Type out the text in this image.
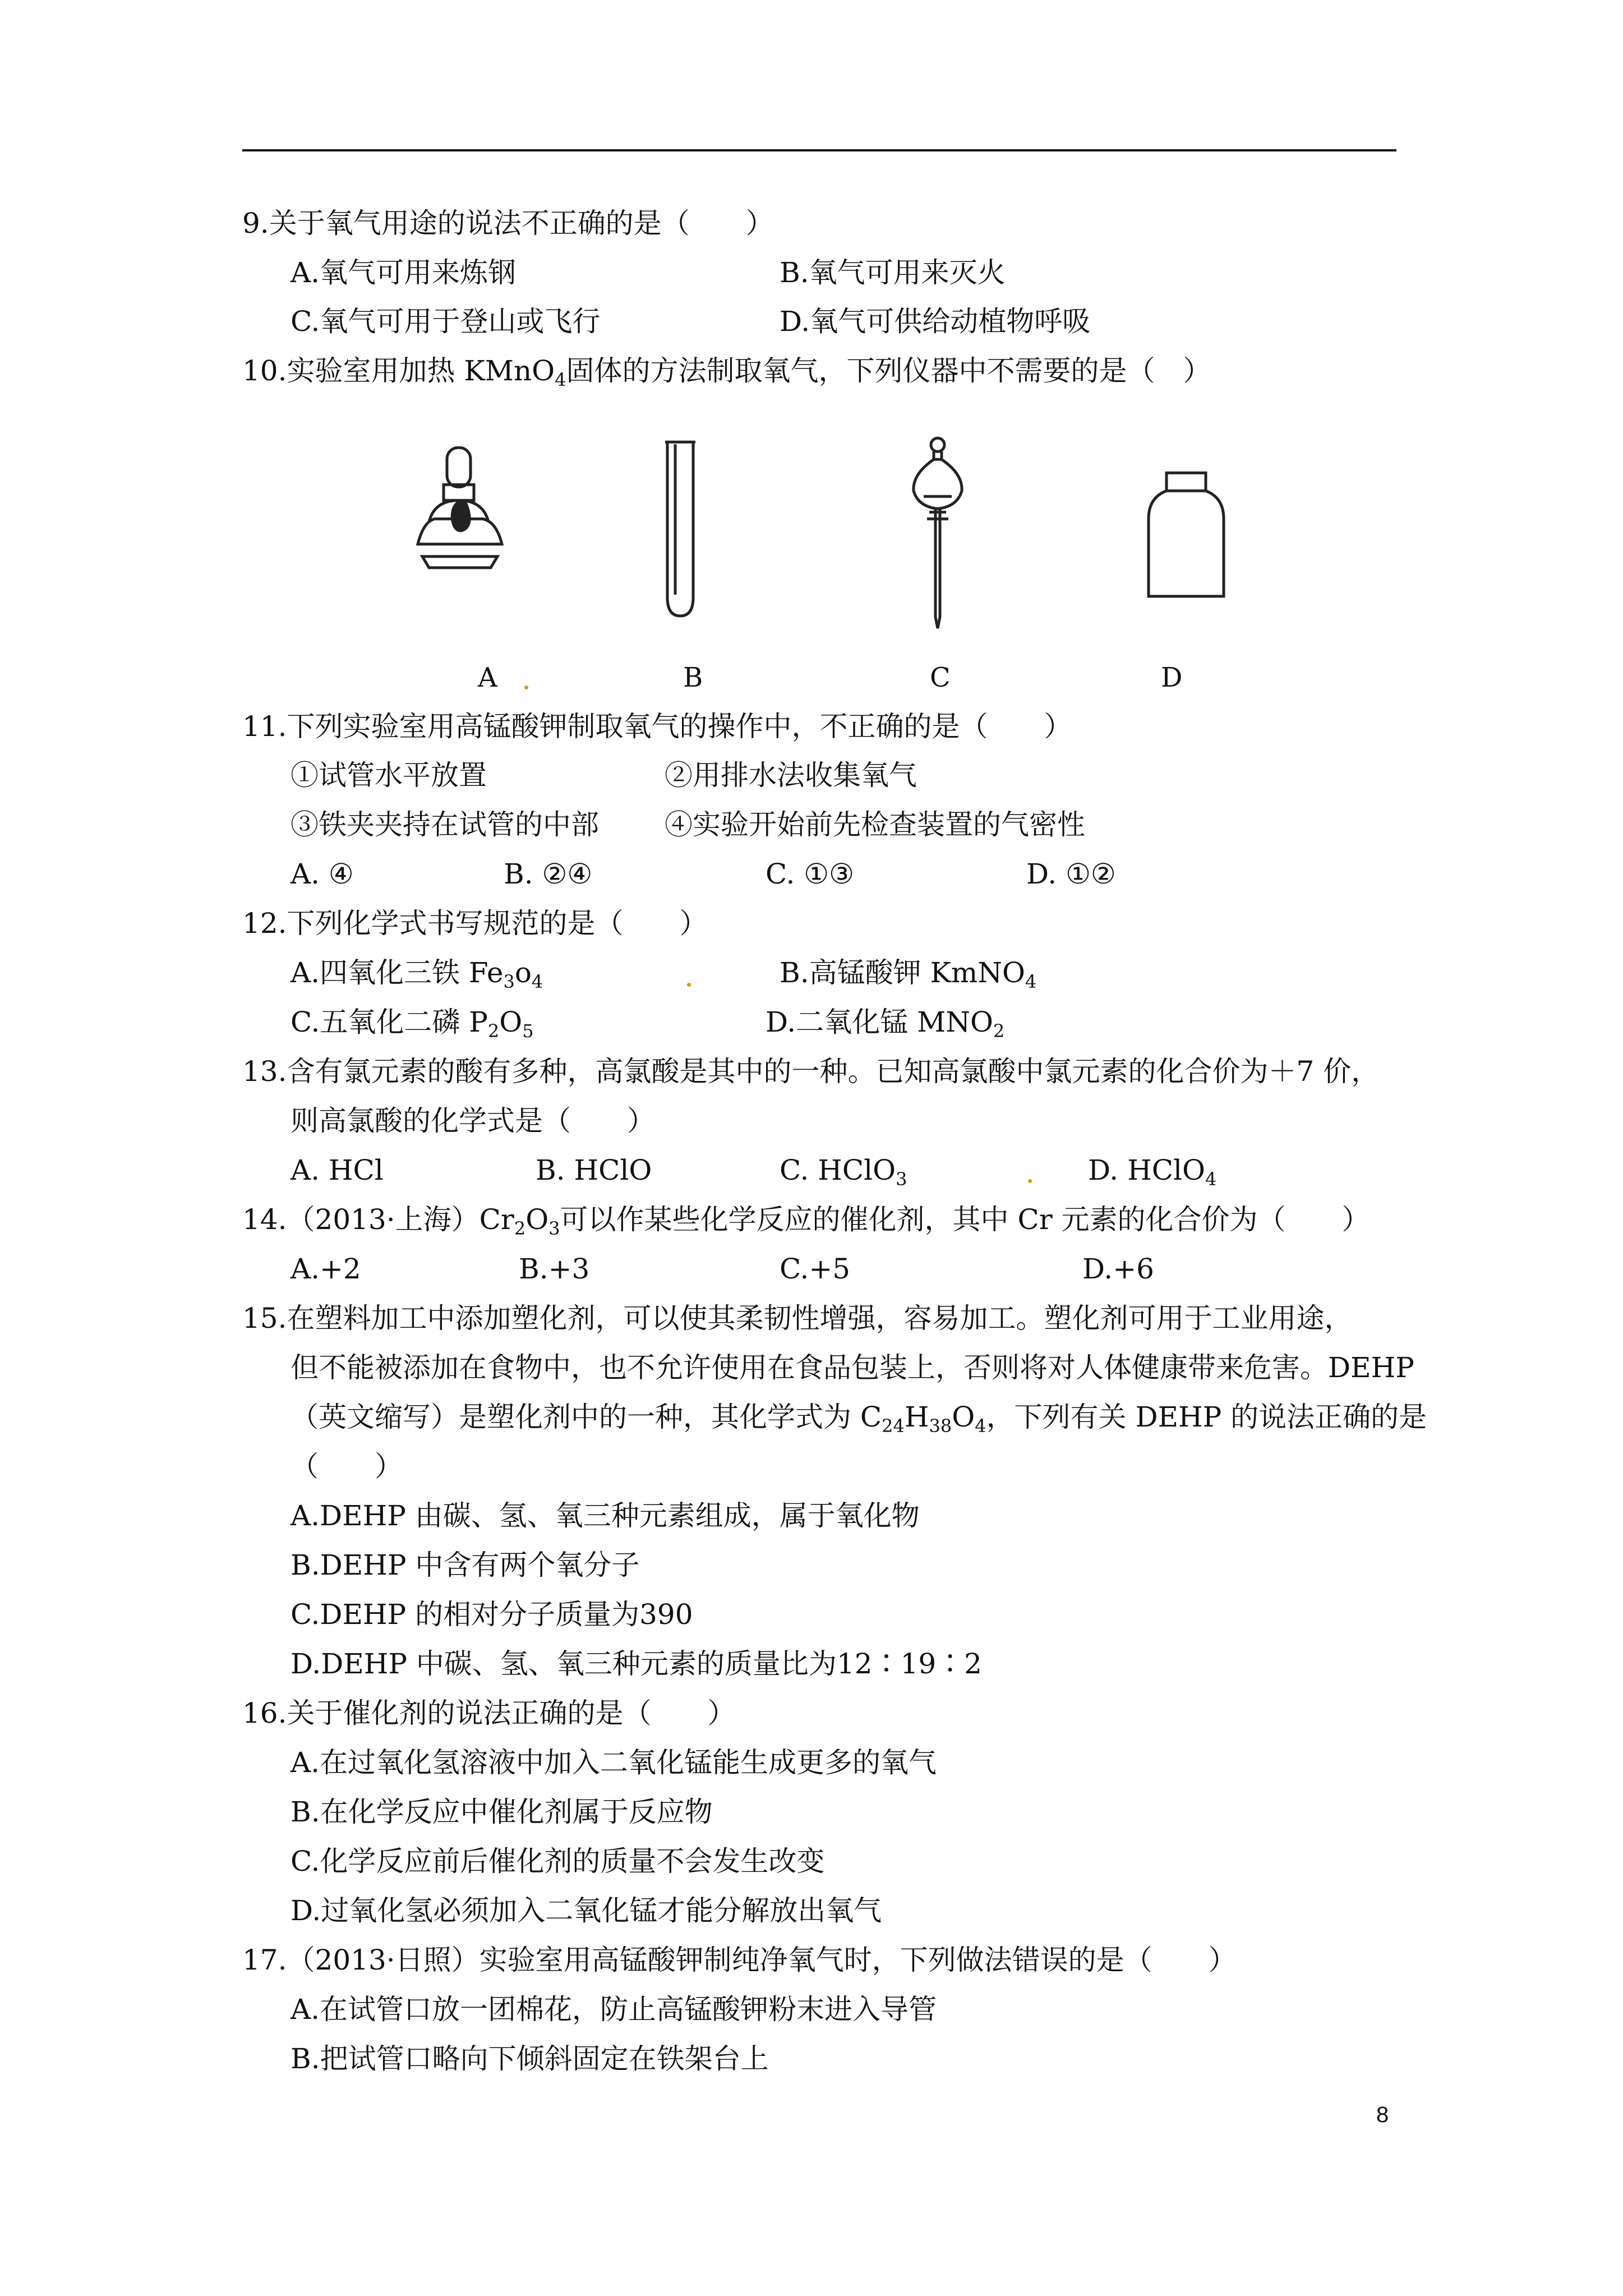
9.关于氧气用途的说法不正确的是（　　）
A.氧气可用来炼钢	B.氧气可用来灭火
C.氧气可用于登山或飞行	D.氧气可供给动植物呼吸
10.实验室用加热 KMnO$_4$固体的方法制取氧气，下列仪器中不需要的是（　）
A	B	C	D
11.下列实验室用高锰酸钾制取氧气的操作中，不正确的是（　　）
①试管水平放置	②用排水法收集氧气
③铁夹夹持在试管的中部 ④实验开始前先检查装置的气密性
A. ④	B. ②④	C. ①③	D. ①②
12.下列化学式书写规范的是（　　）
A.四氧化三铁 $Fe_3o_4$	B.高锰酸钾 KmNO$_4$
C.五氧化二磷 $P_2O_5$	D.二氧化锰 $MNO_2$
13.含有氯元素的酸有多种，高氯酸是其中的一种。已知高氯酸中氯元素的化合价为＋7 价，
则高氯酸的化学式是（　　）
A. HCl	B. HClO	C. HClO$_3$	D. HClO$_4$
14.（2013·上海）$Cr_2O_3$可以作某些化学反应的催化剂，其中 Cr 元素的化合价为（　　）
A.+2	B.+3	C.+5	D.+6
15.在塑料加工中添加塑化剂，可以使其柔韧性增强，容易加工。塑化剂可用于工业用途，
但不能被添加在食物中，也不允许使用在食品包装上，否则将对人体健康带来危害。DEHP
（英文缩写）是塑化剂中的一种，其化学式为 $C_{24}H_{38}O_4$，下列有关 DEHP 的说法正确的是
（　　）
A.DEHP 由碳、氢、氧三种元素组成，属于氧化物
B.DEHP 中含有两个氧分子
C.DEHP 的相对分子质量为390
D.DEHP 中碳、氢、氧三种元素的质量比为12∶19∶2
16.关于催化剂的说法正确的是（　　）
A.在过氧化氢溶液中加入二氧化锰能生成更多的氧气
B.在化学反应中催化剂属于反应物
C.化学反应前后催化剂的质量不会发生改变
D.过氧化氢必须加入二氧化锰才能分解放出氧气
17.（2013·日照）实验室用高锰酸钾制纯净氧气时，下列做法错误的是（　　）
A.在试管口放一团棉花，防止高锰酸钾粉末进入导管
B.把试管口略向下倾斜固定在铁架台上
8
